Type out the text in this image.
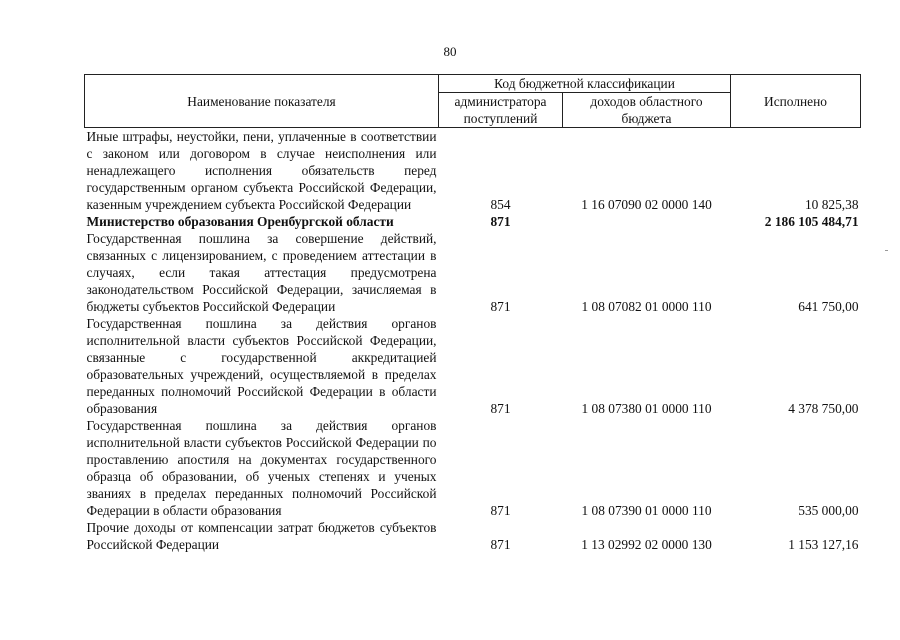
80
Наименование показателя	Код бюджетной классификации		Исполнено
	администратора поступлений	доходов областного бюджета	
Иные штрафы, неустойки, пени, уплаченные в соответствии с законом или договором в случае неисполнения или ненадлежащего исполнения обязательств перед государственным органом субъекта Российской Федерации, казенным учреждением субъекта Российской Федерации	854	1 16 07090 02 0000 140	10 825,38
Министерство образования Оренбургской области	871		2 186 105 484,71
Государственная пошлина за совершение действий, связанных с лицензированием, с проведением аттестации в случаях, если такая аттестация предусмотрена законодательством Российской Федерации, зачисляемая в бюджеты субъектов Российской Федерации	871	1 08 07082 01 0000 110	641 750,00
Государственная пошлина за действия органов исполнительной власти субъектов Российской Федерации, связанные с государственной аккредитацией образовательных учреждений, осуществляемой в пределах переданных полномочий Российской Федерации в области образования	871	1 08 07380 01 0000 110	4 378 750,00
Государственная пошлина за действия органов исполнительной власти субъектов Российской Федерации по проставлению апостиля на документах государственного образца об образовании, об ученых степенях и ученых званиях в пределах переданных полномочий Российской Федерации в области образования	871	1 08 07390 01 0000 110	535 000,00
Прочие доходы от компенсации затрат бюджетов субъектов Российской Федерации	871	1 13 02992 02 0000 130	1 153 127,16
